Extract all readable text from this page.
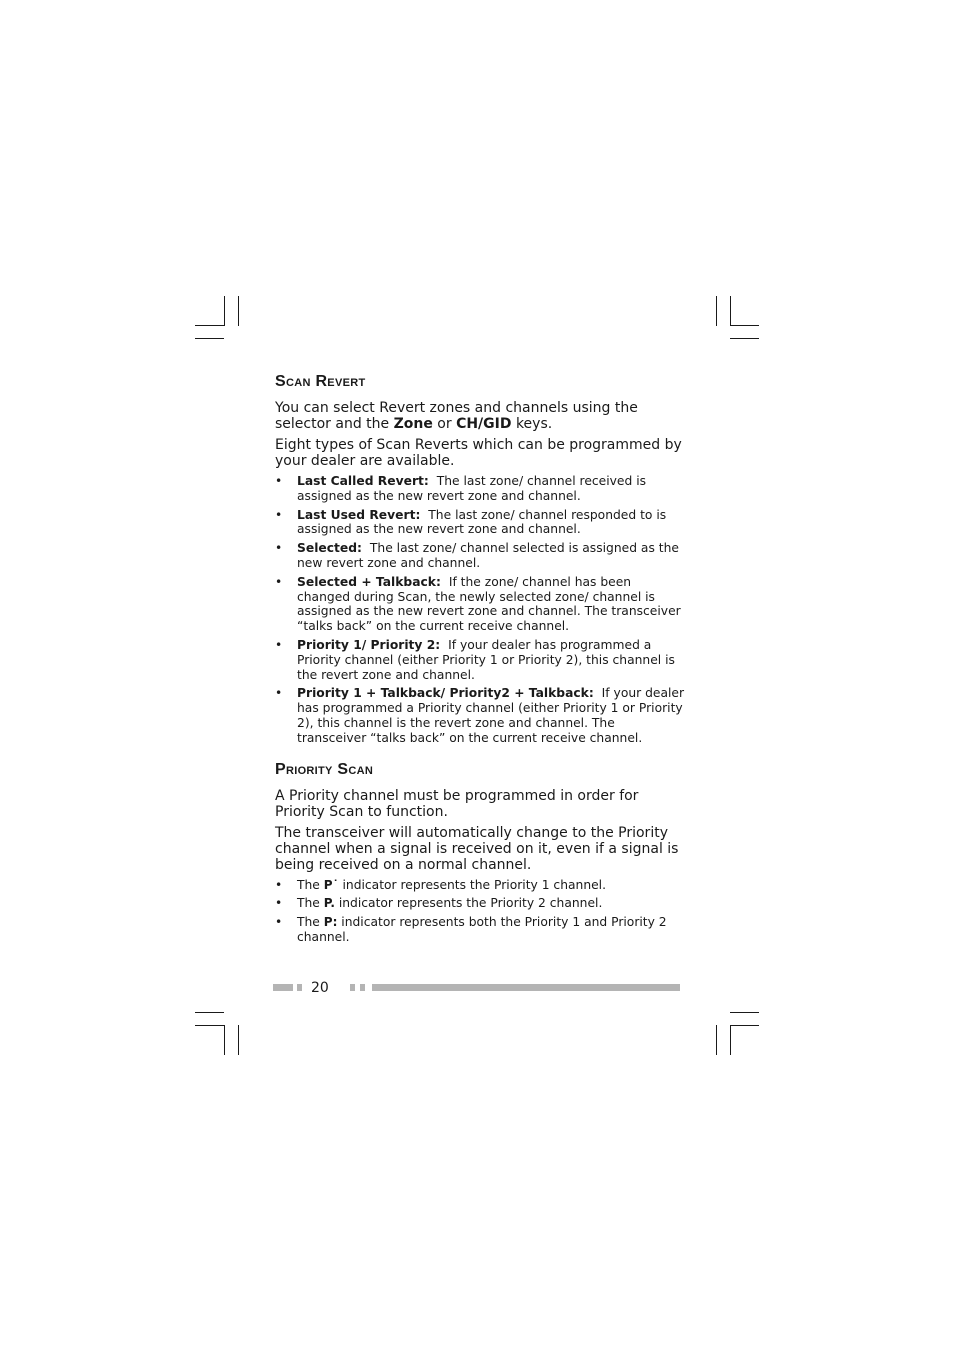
Scan Revert

You can select Revert zones and channels using the selector and the Zone or CH/GID keys.

Eight types of Scan Reverts which can be programmed by your dealer are available.

• Last Called Revert: The last zone/ channel received is assigned as the new revert zone and channel.
• Last Used Revert: The last zone/ channel responded to is assigned as the new revert zone and channel.
• Selected: The last zone/ channel selected is assigned as the new revert zone and channel.
• Selected + Talkback: If the zone/ channel has been changed during Scan, the newly selected zone/ channel is assigned as the new revert zone and channel. The transceiver “talks back” on the current receive channel.
• Priority 1/ Priority 2: If your dealer has programmed a Priority channel (either Priority 1 or Priority 2), this channel is the revert zone and channel.
• Priority 1 + Talkback/ Priority2 + Talkback: If your dealer has programmed a Priority channel (either Priority 1 or Priority 2), this channel is the revert zone and channel. The transceiver “talks back” on the current receive channel.
Priority Scan

A Priority channel must be programmed in order for Priority Scan to function.

The transceiver will automatically change to the Priority channel when a signal is received on it, even if a signal is being received on a normal channel.

• The P˙ indicator represents the Priority 1 channel.
• The P. indicator represents the Priority 2 channel.
• The P: indicator represents both the Priority 1 and Priority 2 channel.
20
